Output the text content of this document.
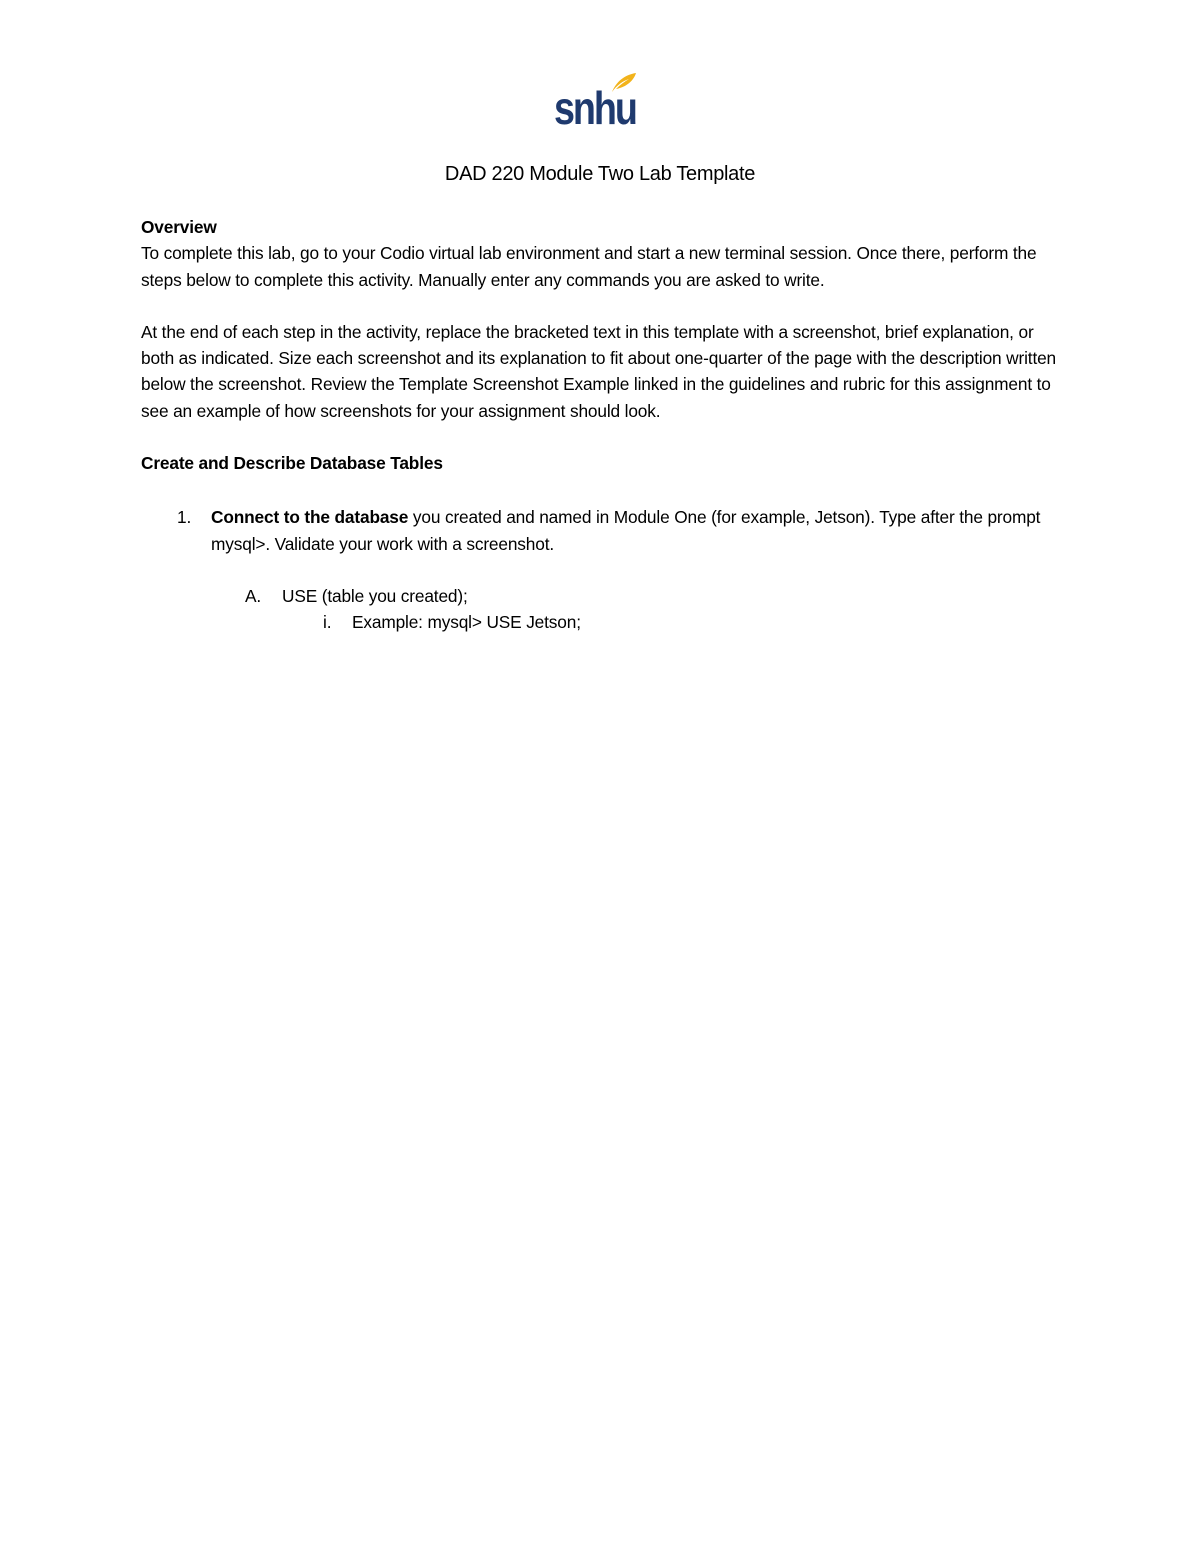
snhu
DAD 220 Module Two Lab Template

Overview

To complete this lab, go to your Codio virtual lab environment and start a new terminal session. Once there, perform the steps below to complete this activity. Manually enter any commands you are asked to write.

At the end of each step in the activity, replace the bracketed text in this template with a screenshot, brief explanation, or both as indicated. Size each screenshot and its explanation to fit about one-quarter of the page with the description written below the screenshot. Review the Template Screenshot Example linked in the guidelines and rubric for this assignment to see an example of how screenshots for your assignment should look.

Create and Describe Database Tables

1. Connect to the database you created and named in Module One (for example, Jetson). Type after the prompt mysql>. Validate your work with a screenshot.
A. USE (table you created);
i. Example: mysql> USE Jetson;
